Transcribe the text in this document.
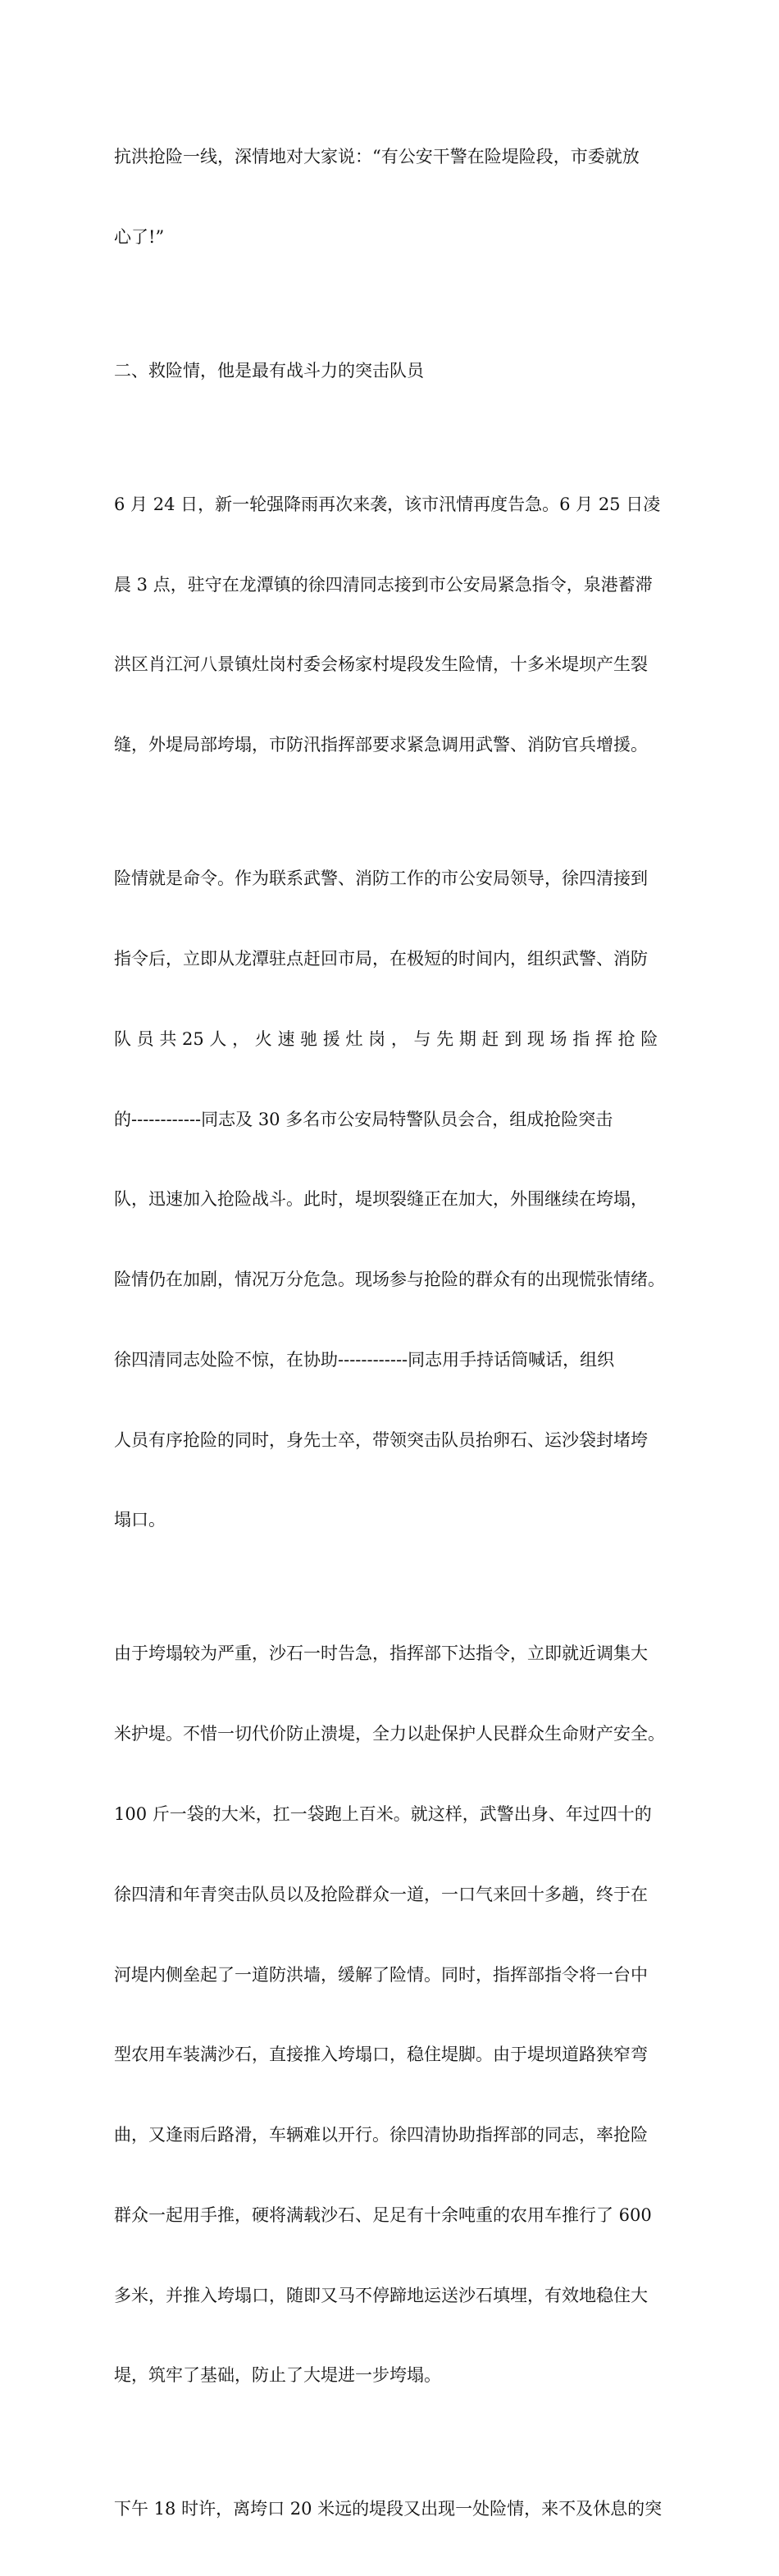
抗洪抢险一线，深情地对大家说：“有公安干警在险堤险段，市委就放

心了!”

二、救险情，他是最有战斗力的突击队员

6 月 24 日，新一轮强降雨再次来袭，该市汛情再度告急。6 月 25 日凌

晨 3 点，驻守在龙潭镇的徐四清同志接到市公安局紧急指令，泉港蓄滞

洪区肖江河八景镇灶岗村委会杨家村堤段发生险情，十多米堤坝产生裂

缝，外堤局部垮塌，市防汛指挥部要求紧急调用武警、消防官兵增援。

险情就是命令。作为联系武警、消防工作的市公安局领导，徐四清接到

指令后，立即从龙潭驻点赶回市局，在极短的时间内，组织武警、消防

队 员 共 25 人 ， 火 速 驰 援 灶 岗 ， 与 先 期 赶 到 现 场 指 挥 抢 险

的------------同志及 30 多名市公安局特警队员会合，组成抢险突击

队，迅速加入抢险战斗。此时，堤坝裂缝正在加大，外围继续在垮塌，

险情仍在加剧，情况万分危急。现场参与抢险的群众有的出现慌张情绪。

徐四清同志处险不惊，在协助------------同志用手持话筒喊话，组织

人员有序抢险的同时，身先士卒，带领突击队员抬卵石、运沙袋封堵垮

塌口。

由于垮塌较为严重，沙石一时告急，指挥部下达指令，立即就近调集大

米护堤。不惜一切代价防止溃堤，全力以赴保护人民群众生命财产安全。

100 斤一袋的大米，扛一袋跑上百米。就这样，武警出身、年过四十的

徐四清和年青突击队员以及抢险群众一道，一口气来回十多趟，终于在

河堤内侧垒起了一道防洪墙，缓解了险情。同时，指挥部指令将一台中

型农用车装满沙石，直接推入垮塌口，稳住堤脚。由于堤坝道路狭窄弯

曲，又逢雨后路滑，车辆难以开行。徐四清协助指挥部的同志，率抢险

群众一起用手推，硬将满载沙石、足足有十余吨重的农用车推行了 600

多米，并推入垮塌口，随即又马不停蹄地运送沙石填埋，有效地稳住大

堤，筑牢了基础，防止了大堤进一步垮塌。

下午 18 时许，离垮口 20 米远的堤段又出现一处险情，来不及休息的突
